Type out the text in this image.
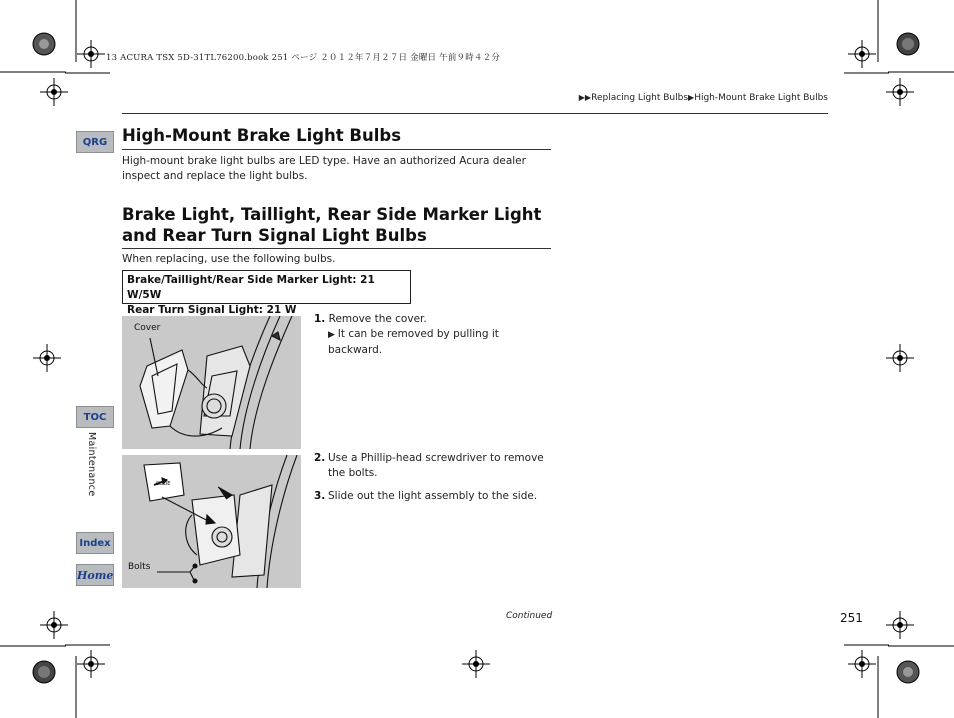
13 ACURA TSX 5D-31TL76200.book 251 ページ ２０１２年７月２７日 金曜日 午前９時４２分
▶▶Replacing Light Bulbs▶High-Mount Brake Light Bulbs
QRG
TOC
Maintenance
Index
Home
High-Mount Brake Light Bulbs
High-mount brake light bulbs are LED type. Have an authorized Acura dealer inspect and replace the light bulbs.
Brake Light, Taillight, Rear Side Marker Light and Rear Turn Signal Light Bulbs
When replacing, use the following bulbs.
Brake/Taillight/Rear Side Marker Light: 21 W/5W
Rear Turn Signal Light: 21 W
Cover
SLIDE
Bolts
1. Remove the cover.
▶ It can be removed by pulling it backward.
2. Use a Phillip-head screwdriver to remove the bolts.
3. Slide out the light assembly to the side.
Continued	251
